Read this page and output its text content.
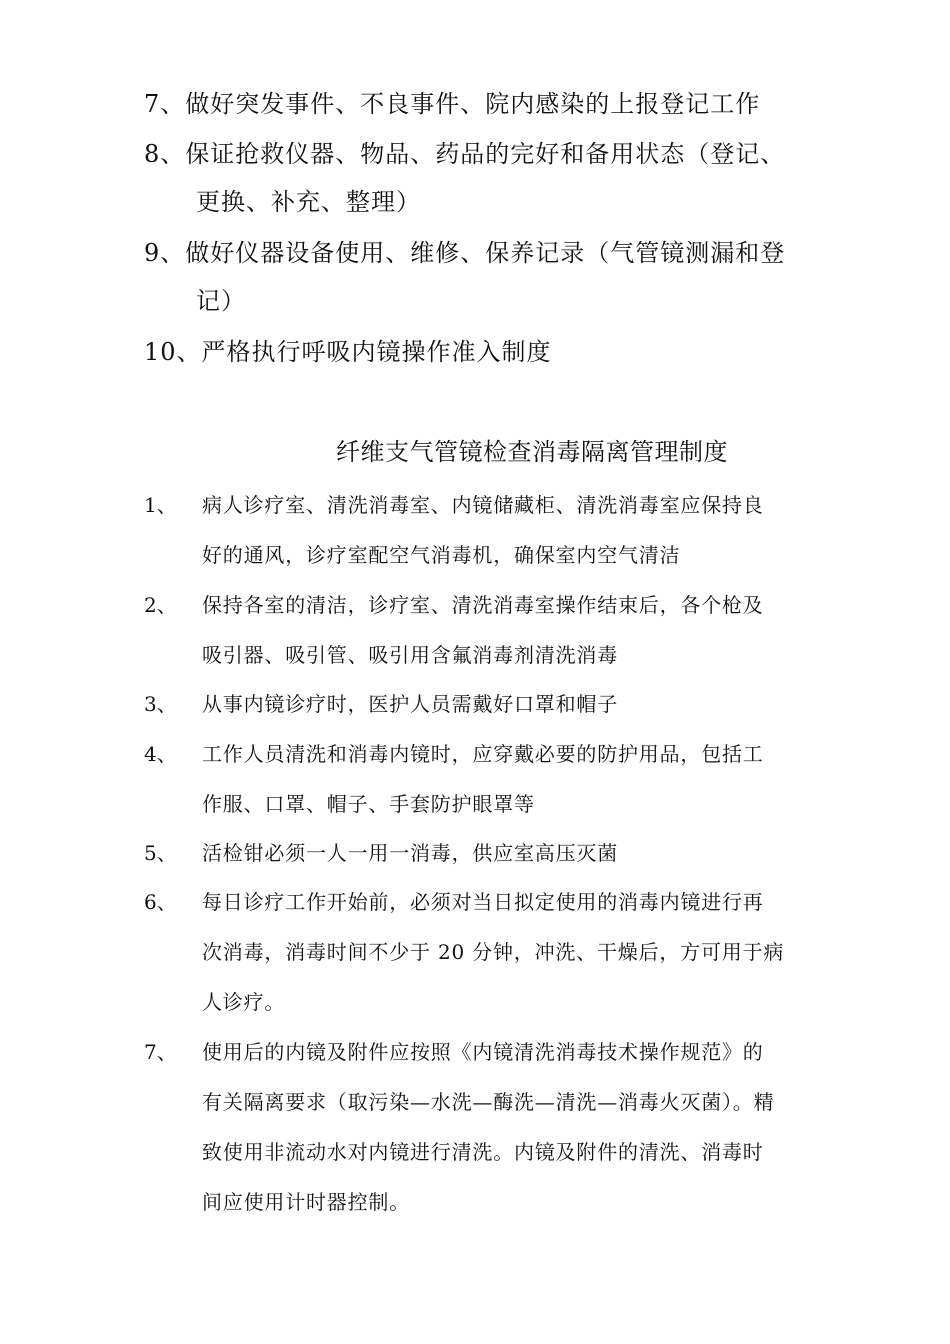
7、做好突发事件、不良事件、院内感染的上报登记工作
8、保证抢救仪器、物品、药品的完好和备用状态（登记、
更换、补充、整理）
9、做好仪器设备使用、维修、保养记录（气管镜测漏和登
记）
10、严格执行呼吸内镜操作准入制度
纤维支气管镜检查消毒隔离管理制度
1、 病人诊疗室、清洗消毒室、内镜储藏柜、清洗消毒室应保持良
好的通风，诊疗室配空气消毒机，确保室内空气清洁
2、 保持各室的清洁，诊疗室、清洗消毒室操作结束后，各个枪及
吸引器、吸引管、吸引用含氟消毒剂清洗消毒
3、 从事内镜诊疗时，医护人员需戴好口罩和帽子
4、 工作人员清洗和消毒内镜时，应穿戴必要的防护用品，包括工
作服、口罩、帽子、手套防护眼罩等
5、 活检钳必须一人一用一消毒，供应室高压灭菌
6、 每日诊疗工作开始前，必须对当日拟定使用的消毒内镜进行再
次消毒，消毒时间不少于 20 分钟，冲洗、干燥后，方可用于病
人诊疗。
7、 使用后的内镜及附件应按照《内镜清洗消毒技术操作规范》的
有关隔离要求（取污染—水洗—酶洗—清洗—消毒火灭菌）。精
致使用非流动水对内镜进行清洗。内镜及附件的清洗、消毒时
间应使用计时器控制。
